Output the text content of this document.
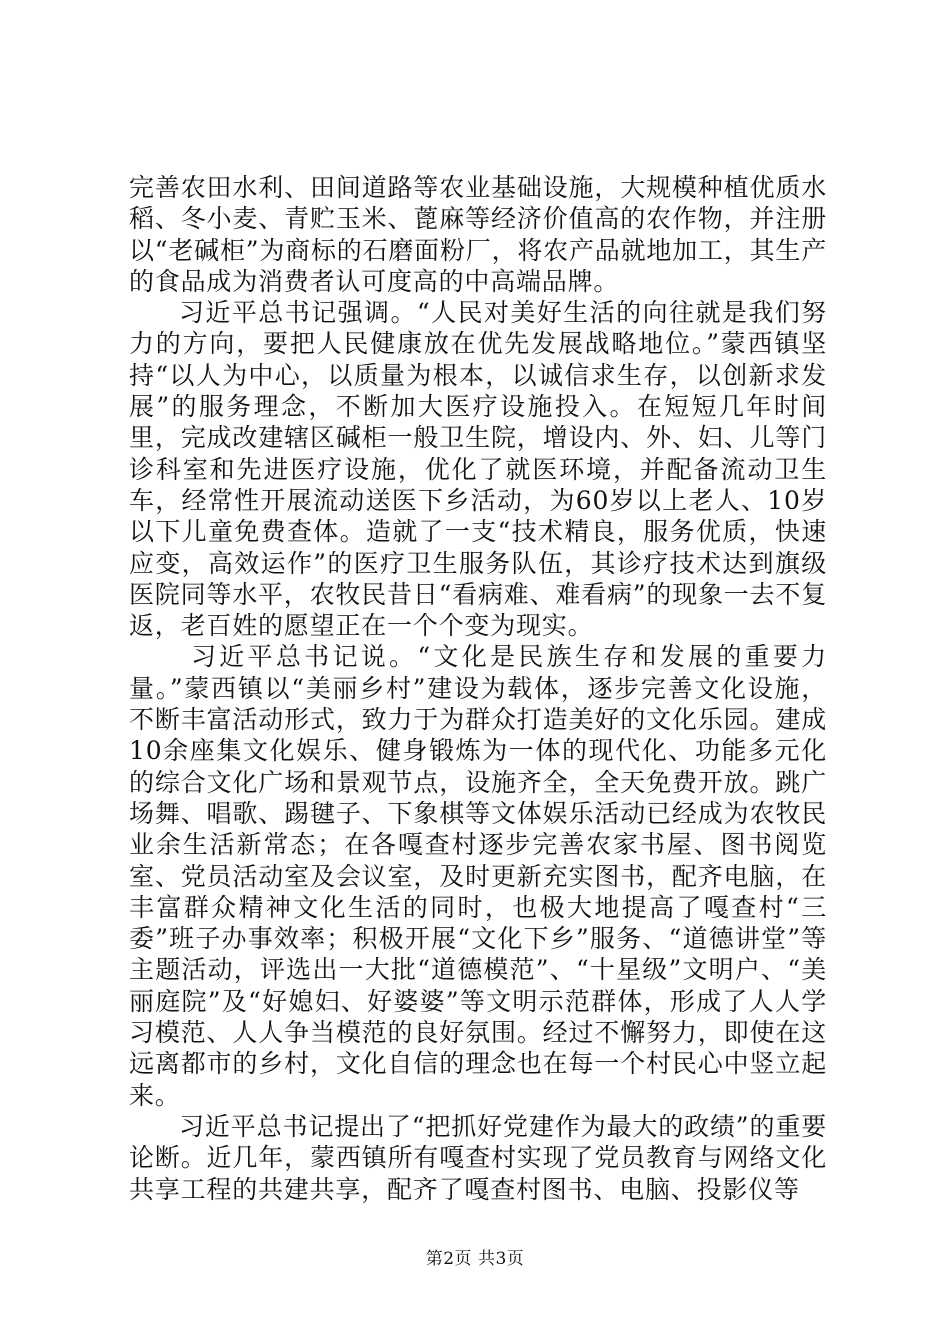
完善农田水利、田间道路等农业基础设施，大规模种植优质水稻、冬小麦、青贮玉米、蓖麻等经济价值高的农作物，并注册以“老碱柜”为商标的石磨面粉厂，将农产品就地加工，其生产的食品成为消费者认可度高的中高端品牌。

习近平总书记强调。“人民对美好生活的向往就是我们努力的方向，要把人民健康放在优先发展战略地位。”蒙西镇坚持“以人为中心，以质量为根本，以诚信求生存，以创新求发展”的服务理念，不断加大医疗设施投入。在短短几年时间里，完成改建辖区碱柜一般卫生院，增设内、外、妇、儿等门诊科室和先进医疗设施，优化了就医环境，并配备流动卫生车，经常性开展流动送医下乡活动，为60岁以上老人、10岁以下儿童免费查体。造就了一支“技术精良，服务优质，快速应变，高效运作”的医疗卫生服务队伍，其诊疗技术达到旗级医院同等水平，农牧民昔日“看病难、难看病”的现象一去不复返，老百姓的愿望正在一个个变为现实。

习近平总书记说。“文化是民族生存和发展的重要力量。”蒙西镇以“美丽乡村”建设为载体，逐步完善文化设施，不断丰富活动形式，致力于为群众打造美好的文化乐园。建成10余座集文化娱乐、健身锻炼为一体的现代化、功能多元化的综合文化广场和景观节点，设施齐全，全天免费开放。跳广场舞、唱歌、踢毽子、下象棋等文体娱乐活动已经成为农牧民业余生活新常态；在各嘎查村逐步完善农家书屋、图书阅览室、党员活动室及会议室，及时更新充实图书，配齐电脑，在丰富群众精神文化生活的同时，也极大地提高了嘎查村“三委”班子办事效率；积极开展“文化下乡”服务、“道德讲堂”等主题活动，评选出一大批“道德模范”、“十星级”文明户、“美丽庭院”及“好媳妇、好婆婆”等文明示范群体，形成了人人学习模范、人人争当模范的良好氛围。经过不懈努力，即使在这远离都市的乡村，文化自信的理念也在每一个村民心中竖立起来。

习近平总书记提出了“把抓好党建作为最大的政绩”的重要论断。近几年，蒙西镇所有嘎查村实现了党员教育与网络文化共享工程的共建共享，配齐了嘎查村图书、电脑、投影仪等

第2页 共3页
